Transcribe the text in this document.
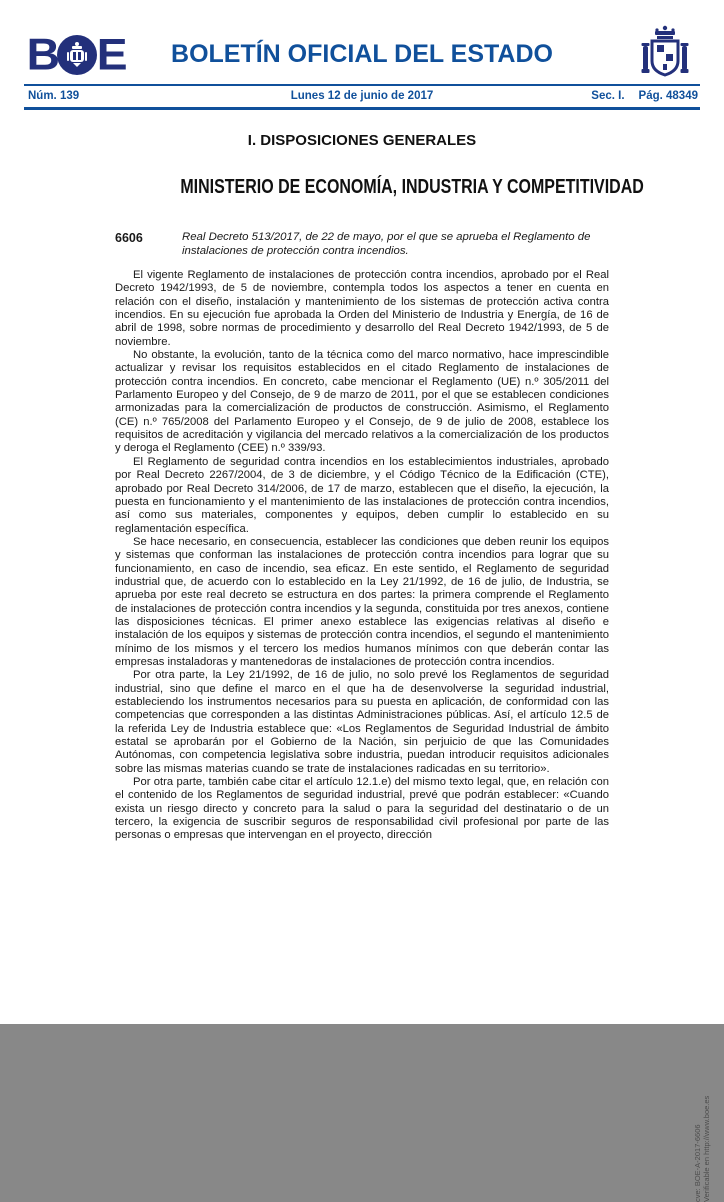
B E	BOLETÍN OFICIAL DEL ESTADO
Núm. 139	Lunes 12 de junio de 2017	Sec. I. Pág. 48349
I. DISPOSICIONES GENERALES
MINISTERIO DE ECONOMÍA, INDUSTRIA Y COMPETITIVIDAD
6606	Real Decreto 513/2017, de 22 de mayo, por el que se aprueba el Reglamento de instalaciones de protección contra incendios.

El vigente Reglamento de instalaciones de protección contra incendios, aprobado por el Real Decreto 1942/1993, de 5 de noviembre, contempla todos los aspectos a tener en cuenta en relación con el diseño, instalación y mantenimiento de los sistemas de protección activa contra incendios. En su ejecución fue aprobada la Orden del Ministerio de Industria y Energía, de 16 de abril de 1998, sobre normas de procedimiento y desarrollo del Real Decreto 1942/1993, de 5 de noviembre.

No obstante, la evolución, tanto de la técnica como del marco normativo, hace imprescindible actualizar y revisar los requisitos establecidos en el citado Reglamento de instalaciones de protección contra incendios. En concreto, cabe mencionar el Reglamento (UE) n.º 305/2011 del Parlamento Europeo y del Consejo, de 9 de marzo de 2011, por el que se establecen condiciones armonizadas para la comercialización de productos de construcción. Asimismo, el Reglamento (CE) n.º 765/2008 del Parlamento Europeo y el Consejo, de 9 de julio de 2008, establece los requisitos de acreditación y vigilancia del mercado relativos a la comercialización de los productos y deroga el Reglamento (CEE) n.º 339/93.

El Reglamento de seguridad contra incendios en los establecimientos industriales, aprobado por Real Decreto 2267/2004, de 3 de diciembre, y el Código Técnico de la Edificación (CTE), aprobado por Real Decreto 314/2006, de 17 de marzo, establecen que el diseño, la ejecución, la puesta en funcionamiento y el mantenimiento de las instalaciones de protección contra incendios, así como sus materiales, componentes y equipos, deben cumplir lo establecido en su reglamentación específica.

Se hace necesario, en consecuencia, establecer las condiciones que deben reunir los equipos y sistemas que conforman las instalaciones de protección contra incendios para lograr que su funcionamiento, en caso de incendio, sea eficaz. En este sentido, el Reglamento de seguridad industrial que, de acuerdo con lo establecido en la Ley 21/1992, de 16 de julio, de Industria, se aprueba por este real decreto se estructura en dos partes: la primera comprende el Reglamento de instalaciones de protección contra incendios y la segunda, constituida por tres anexos, contiene las disposiciones técnicas. El primer anexo establece las exigencias relativas al diseño e instalación de los equipos y sistemas de protección contra incendios, el segundo el mantenimiento mínimo de los mismos y el tercero los medios humanos mínimos con que deberán contar las empresas instaladoras y mantenedoras de instalaciones de protección contra incendios.

Por otra parte, la Ley 21/1992, de 16 de julio, no solo prevé los Reglamentos de seguridad industrial, sino que define el marco en el que ha de desenvolverse la seguridad industrial, estableciendo los instrumentos necesarios para su puesta en aplicación, de conformidad con las competencias que corresponden a las distintas Administraciones públicas. Así, el artículo 12.5 de la referida Ley de Industria establece que: «Los Reglamentos de Seguridad Industrial de ámbito estatal se aprobarán por el Gobierno de la Nación, sin perjuicio de que las Comunidades Autónomas, con competencia legislativa sobre industria, puedan introducir requisitos adicionales sobre las mismas materias cuando se trate de instalaciones radicadas en su territorio».

Por otra parte, también cabe citar el artículo 12.1.e) del mismo texto legal, que, en relación con el contenido de los Reglamentos de seguridad industrial, prevé que podrán establecer: «Cuando exista un riesgo directo y concreto para la salud o para la seguridad del destinatario o de un tercero, la exigencia de suscribir seguros de responsabilidad civil profesional por parte de las personas o empresas que intervengan en el proyecto, dirección

cve: BOE-A-2017-6606 Verificable en http://www.boe.es
